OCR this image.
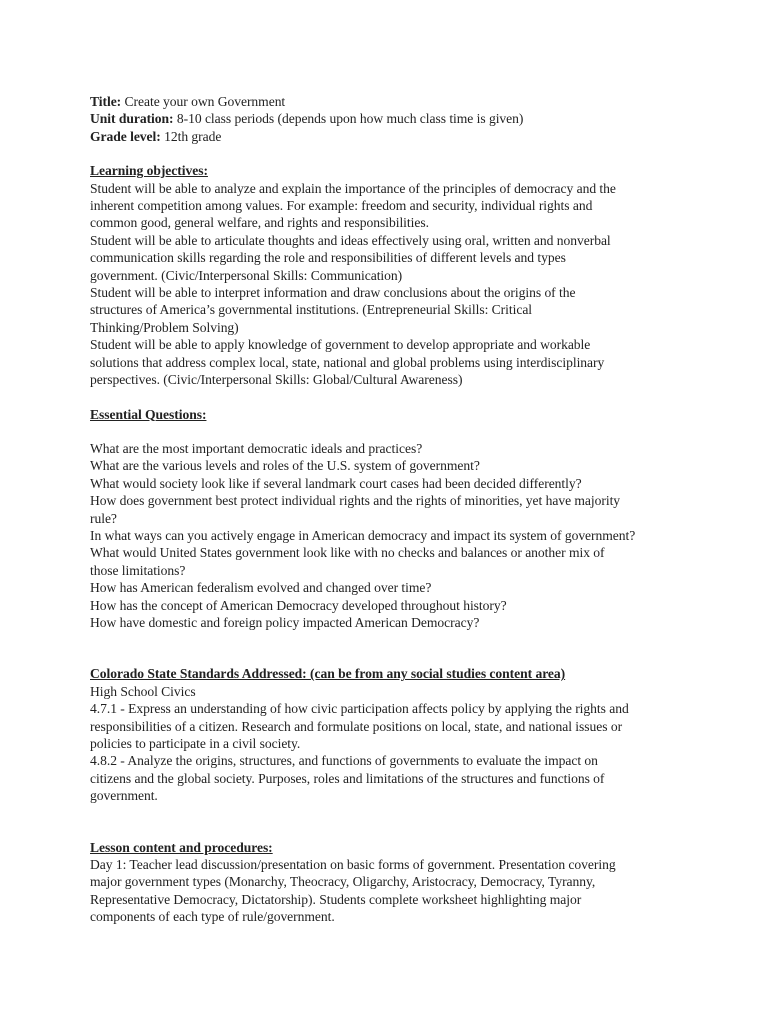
Title: Create your own Government
Unit duration: 8-10 class periods (depends upon how much class time is given)
Grade level: 12th grade
Learning objectives:
Student will be able to analyze and explain the importance of the principles of democracy and the
inherent competition among values. For example: freedom and security, individual rights and
common good, general welfare, and rights and responsibilities.
Student will be able to articulate thoughts and ideas effectively using oral, written and nonverbal
communication skills regarding the role and responsibilities of different levels and types
government. (Civic/Interpersonal Skills: Communication)
Student will be able to interpret information and draw conclusions about the origins of the
structures of America’s governmental institutions. (Entrepreneurial Skills: Critical
Thinking/Problem Solving)
Student will be able to apply knowledge of government to develop appropriate and workable
solutions that address complex local, state, national and global problems using interdisciplinary
perspectives. (Civic/Interpersonal Skills: Global/Cultural Awareness)
Essential Questions:
What are the most important democratic ideals and practices?
What are the various levels and roles of the U.S. system of government?
What would society look like if several landmark court cases had been decided differently?
How does government best protect individual rights and the rights of minorities, yet have majority
rule?
In what ways can you actively engage in American democracy and impact its system of government?
What would United States government look like with no checks and balances or another mix of
those limitations?
How has American federalism evolved and changed over time?
How has the concept of American Democracy developed throughout history?
How have domestic and foreign policy impacted American Democracy?
Colorado State Standards Addressed: (can be from any social studies content area)
High School Civics
4.7.1 - Express an understanding of how civic participation affects policy by applying the rights and
responsibilities of a citizen. Research and formulate positions on local, state, and national issues or
policies to participate in a civil society.
4.8.2 - Analyze the origins, structures, and functions of governments to evaluate the impact on
citizens and the global society. Purposes, roles and limitations of the structures and functions of
government.
Lesson content and procedures:
Day 1: Teacher lead discussion/presentation on basic forms of government. Presentation covering
major government types (Monarchy, Theocracy, Oligarchy, Aristocracy, Democracy, Tyranny,
Representative Democracy, Dictatorship). Students complete worksheet highlighting major
components of each type of rule/government.
